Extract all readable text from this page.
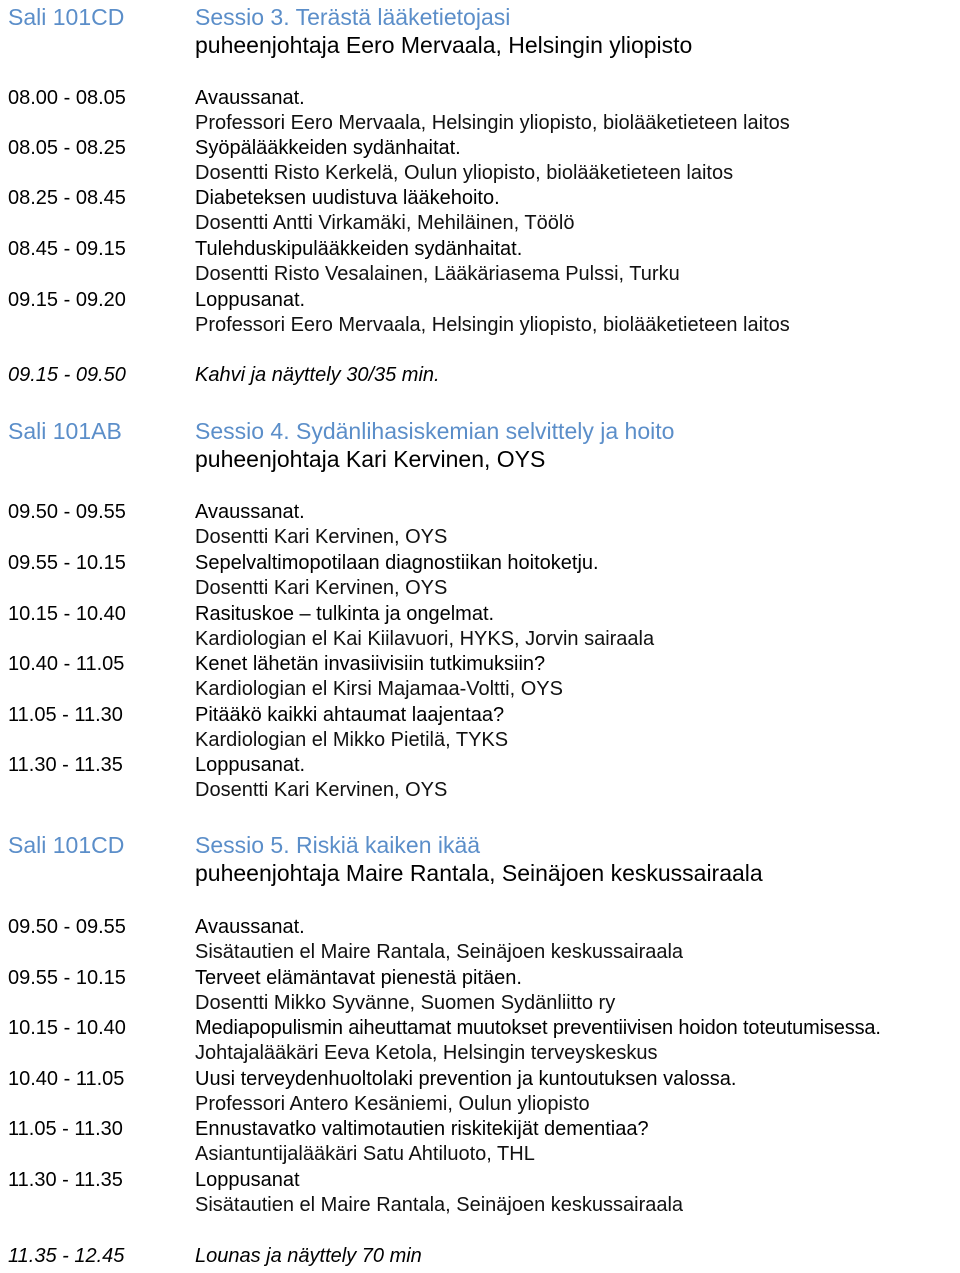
Sali 101CD	Sessio 3. Terästä lääketietojasi
puheenjohtaja Eero Mervaala, Helsingin yliopisto
08.00 - 08.05	Avaussanat.
Professori Eero Mervaala, Helsingin yliopisto, biolääketieteen laitos
08.05 - 08.25	Syöpälääkkeiden sydänhaitat.
Dosentti Risto Kerkelä, Oulun yliopisto, biolääketieteen laitos
08.25 - 08.45	Diabeteksen uudistuva lääkehoito.
Dosentti Antti Virkamäki, Mehiläinen, Töölö
08.45 - 09.15	Tulehduskipulääkkeiden sydänhaitat.
Dosentti Risto Vesalainen, Lääkäriasema Pulssi, Turku
09.15 - 09.20	Loppusanat.
Professori Eero Mervaala, Helsingin yliopisto, biolääketieteen laitos
09.15 - 09.50	Kahvi ja näyttely 30/35 min.
Sali 101AB	Sessio 4. Sydänlihasiskemian selvittely ja hoito
puheenjohtaja Kari Kervinen, OYS
09.50 - 09.55	Avaussanat.
Dosentti Kari Kervinen, OYS
09.55 - 10.15	Sepelvaltimopotilaan diagnostiikan hoitoketju.
Dosentti Kari Kervinen, OYS
10.15 - 10.40	Rasituskoe – tulkinta ja ongelmat.
Kardiologian el Kai Kiilavuori, HYKS, Jorvin sairaala
10.40 - 11.05	Kenet lähetän invasiivisiin tutkimuksiin?
Kardiologian el Kirsi Majamaa-Voltti, OYS
11.05 - 11.30	Pitääkö kaikki ahtaumat laajentaa?
Kardiologian el Mikko Pietilä, TYKS
11.30 - 11.35	Loppusanat.
Dosentti Kari Kervinen, OYS
Sali 101CD	Sessio 5. Riskiä kaiken ikää
puheenjohtaja Maire Rantala, Seinäjoen keskussairaala
09.50 - 09.55	Avaussanat.
Sisätautien el Maire Rantala, Seinäjoen keskussairaala
09.55 - 10.15	Terveet elämäntavat pienestä pitäen.
Dosentti Mikko Syvänne, Suomen Sydänliitto ry
10.15 - 10.40	Mediapopulismin aiheuttamat muutokset preventiivisen hoidon toteutumisessa.
Johtajalääkäri Eeva Ketola, Helsingin terveyskeskus
10.40 - 11.05	Uusi terveydenhuoltolaki prevention ja kuntoutuksen valossa.
Professori Antero Kesäniemi, Oulun yliopisto
11.05 - 11.30	Ennustavatko valtimotautien riskitekijät dementiaa?
Asiantuntijalääkäri Satu Ahtiluoto, THL
11.30 - 11.35	Loppusanat
Sisätautien el Maire Rantala, Seinäjoen keskussairaala
11.35 - 12.45	Lounas ja näyttely 70 min
